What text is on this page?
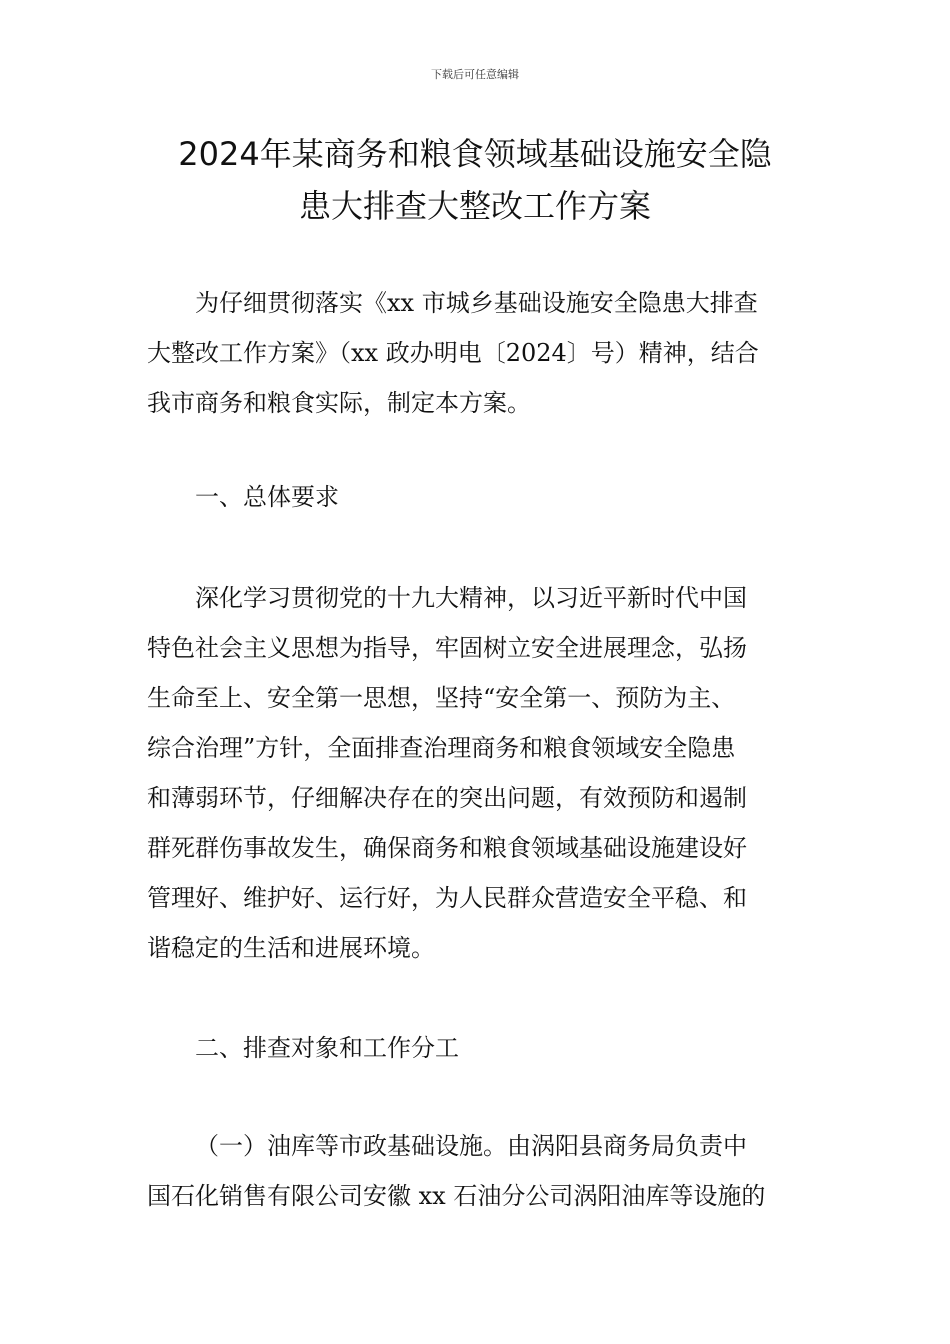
下载后可任意编辑
2024年某商务和粮食领域基础设施安全隐
患大排查大整改工作方案
为仔细贯彻落实《xx 市城乡基础设施安全隐患大排查
大整改工作方案》（xx 政办明电〔2024〕号）精神，结合
我市商务和粮食实际，制定本方案。
一、总体要求
深化学习贯彻党的十九大精神，以习近平新时代中国
特色社会主义思想为指导，牢固树立安全进展理念，弘扬
生命至上、安全第一思想，坚持“安全第一、预防为主、
综合治理”方针，全面排查治理商务和粮食领域安全隐患
和薄弱环节，仔细解决存在的突出问题，有效预防和遏制
群死群伤事故发生，确保商务和粮食领域基础设施建设好
管理好、维护好、运行好，为人民群众营造安全平稳、和
谐稳定的生活和进展环境。
二、排查对象和工作分工
（一）油库等市政基础设施。由涡阳县商务局负责中
国石化销售有限公司安徽 xx 石油分公司涡阳油库等设施的
